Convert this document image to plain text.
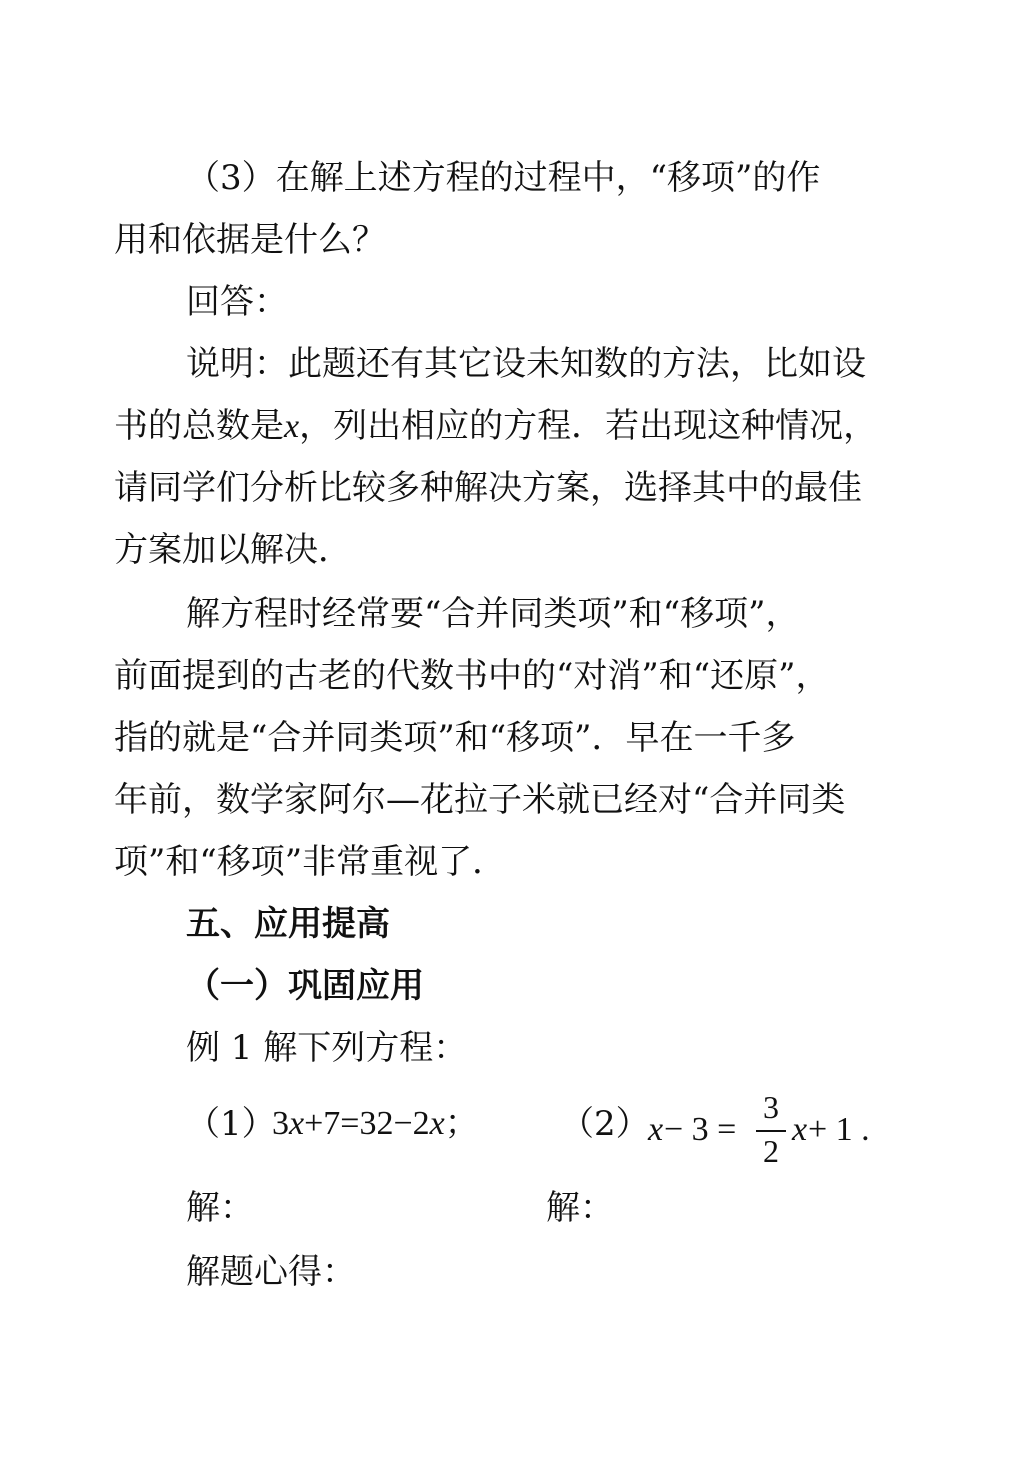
（3）在解上述方程的过程中，“移项”的作
用和依据是什么？
回答：
说明：此题还有其它设未知数的方法，比如设
书的总数是x，列出相应的方程．若出现这种情况，
请同学们分析比较多种解决方案，选择其中的最佳
方案加以解决．
解方程时经常要“合并同类项”和“移项”，
前面提到的古老的代数书中的“对消”和“还原”，
指的就是“合并同类项”和“移项”．早在一千多
年前，数学家阿尔—花拉子米就已经对“合并同类
项”和“移项”非常重视了．
五、应用提高
（一）巩固应用
例 1 解下列方程：
（1）
3x+7=32−2x； （2）
x − 3 =
3
2
x + 1 .
解：	解：
解题心得：
